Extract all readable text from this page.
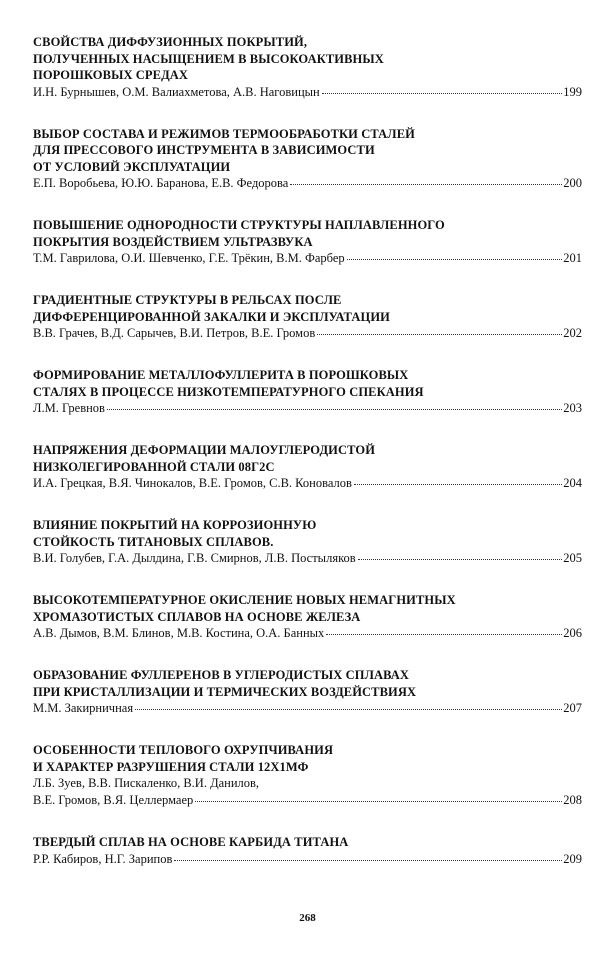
СВОЙСТВА ДИФФУЗИОННЫХ ПОКРЫТИЙ,
ПОЛУЧЕННЫХ НАСЫЩЕНИЕМ В ВЫСОКОАКТИВНЫХ
ПОРОШКОВЫХ СРЕДАХ
И.Н. Бурнышев, О.М. Валиахметова, А.В. Наговицын	199
ВЫБОР СОСТАВА И РЕЖИМОВ ТЕРМООБРАБОТКИ СТАЛЕЙ
ДЛЯ ПРЕССОВОГО ИНСТРУМЕНТА В ЗАВИСИМОСТИ
ОТ УСЛОВИЙ ЭКСПЛУАТАЦИИ
Е.П. Воробьева, Ю.Ю. Баранова, Е.В. Федорова	200
ПОВЫШЕНИЕ ОДНОРОДНОСТИ СТРУКТУРЫ НАПЛАВЛЕННОГО
ПОКРЫТИЯ ВОЗДЕЙСТВИЕМ УЛЬТРАЗВУКА
Т.М. Гаврилова, О.И. Шевченко, Г.Е. Трёкин, В.М. Фарбер	201
ГРАДИЕНТНЫЕ СТРУКТУРЫ В РЕЛЬСАХ ПОСЛЕ
ДИФФЕРЕНЦИРОВАННОЙ ЗАКАЛКИ И ЭКСПЛУАТАЦИИ
В.В. Грачев, В.Д. Сарычев, В.И. Петров, В.Е. Громов	202
ФОРМИРОВАНИЕ МЕТАЛЛОФУЛЛЕРИТА В ПОРОШКОВЫХ
СТАЛЯХ В ПРОЦЕССЕ НИЗКОТЕМПЕРАТУРНОГО СПЕКАНИЯ
Л.М. Гревнов	203
НАПРЯЖЕНИЯ ДЕФОРМАЦИИ МАЛОУГЛЕРОДИСТОЙ
НИЗКОЛЕГИРОВАННОЙ СТАЛИ 08Г2С
И.А. Грецкая, В.Я. Чинокалов, В.Е. Громов, С.В. Коновалов	204
ВЛИЯНИЕ ПОКРЫТИЙ НА КОРРОЗИОННУЮ
СТОЙКОСТЬ ТИТАНОВЫХ СПЛАВОВ.
В.И. Голубев, Г.А. Дылдина, Г.В. Смирнов, Л.В. Постыляков	205
ВЫСОКОТЕМПЕРАТУРНОЕ ОКИСЛЕНИЕ НОВЫХ НЕМАГНИТНЫХ
ХРОМАЗОТИСТЫХ СПЛАВОВ НА ОСНОВЕ ЖЕЛЕЗА
А.В. Дымов, В.М. Блинов, М.В. Костина, О.А. Банных	206
ОБРАЗОВАНИЕ ФУЛЛЕРЕНОВ В УГЛЕРОДИСТЫХ СПЛАВАХ
ПРИ КРИСТАЛЛИЗАЦИИ И ТЕРМИЧЕСКИХ ВОЗДЕЙСТВИЯХ
М.М. Закирничная	207
ОСОБЕННОСТИ ТЕПЛОВОГО ОХРУПЧИВАНИЯ
И ХАРАКТЕР РАЗРУШЕНИЯ СТАЛИ 12Х1МФ
Л.Б. Зуев, В.В. Пискаленко, В.И. Данилов,
В.Е. Громов, В.Я. Целлермаер	208
ТВЕРДЫЙ СПЛАВ НА ОСНОВЕ КАРБИДА ТИТАНА
Р.Р. Кабиров, Н.Г. Зарипов	209
268
